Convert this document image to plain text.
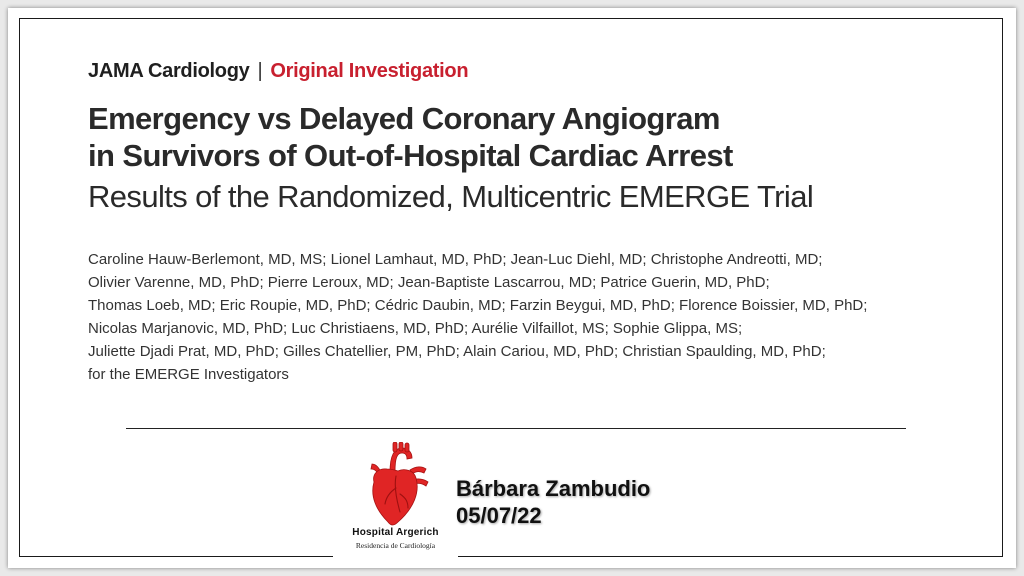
JAMA Cardiology | Original Investigation
Emergency vs Delayed Coronary Angiogram
in Survivors of Out-of-Hospital Cardiac Arrest
Results of the Randomized, Multicentric EMERGE Trial
Caroline Hauw-Berlemont, MD, MS; Lionel Lamhaut, MD, PhD; Jean-Luc Diehl, MD; Christophe Andreotti, MD;
Olivier Varenne, MD, PhD; Pierre Leroux, MD; Jean-Baptiste Lascarrou, MD; Patrice Guerin, MD, PhD;
Thomas Loeb, MD; Eric Roupie, MD, PhD; Cédric Daubin, MD; Farzin Beygui, MD, PhD; Florence Boissier, MD, PhD;
Nicolas Marjanovic, MD, PhD; Luc Christiaens, MD, PhD; Aurélie Vilfaillot, MS; Sophie Glippa, MS;
Juliette Djadi Prat, MD, PhD; Gilles Chatellier, PM, PhD; Alain Cariou, MD, PhD; Christian Spaulding, MD, PhD;
for the EMERGE Investigators
Hospital Argerich
Residencia de Cardiología
Bárbara Zambudio
05/07/22
